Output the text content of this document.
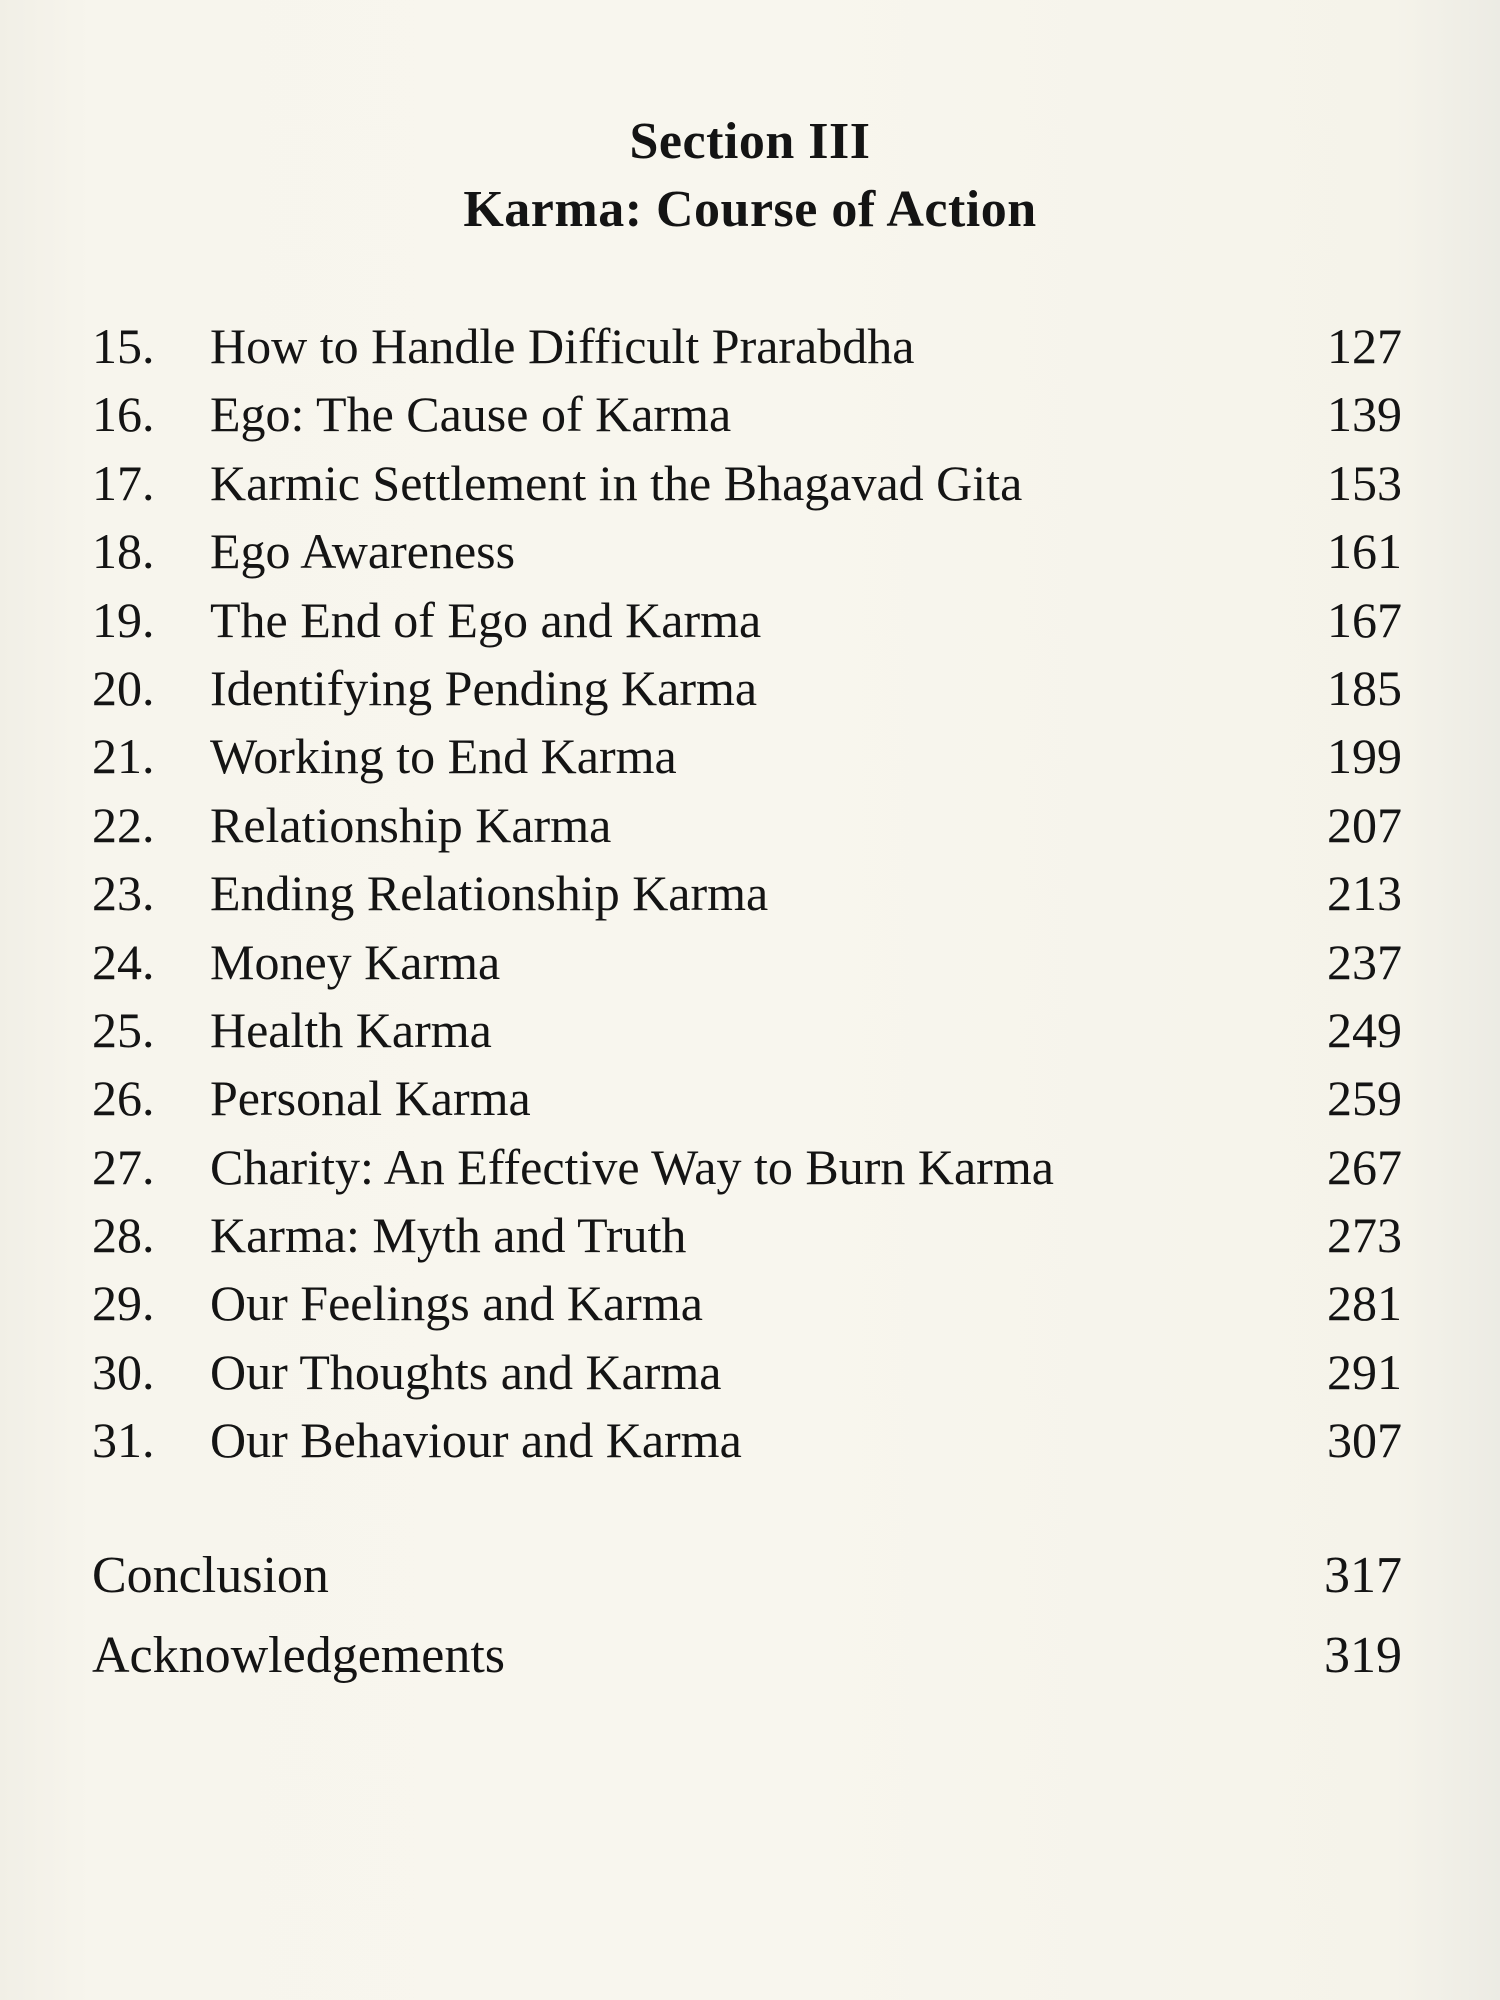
Section III
Karma: Course of Action
15. How to Handle Difficult Prarabdha	127
16. Ego: The Cause of Karma	139
17. Karmic Settlement in the Bhagavad Gita	153
18. Ego Awareness	161
19. The End of Ego and Karma	167
20. Identifying Pending Karma	185
21. Working to End Karma	199
22. Relationship Karma	207
23. Ending Relationship Karma	213
24. Money Karma	237
25. Health Karma	249
26. Personal Karma	259
27. Charity: An Effective Way to Burn Karma	267
28. Karma: Myth and Truth	273
29. Our Feelings and Karma	281
30. Our Thoughts and Karma	291
31. Our Behaviour and Karma	307
Conclusion	317
Acknowledgements	319
